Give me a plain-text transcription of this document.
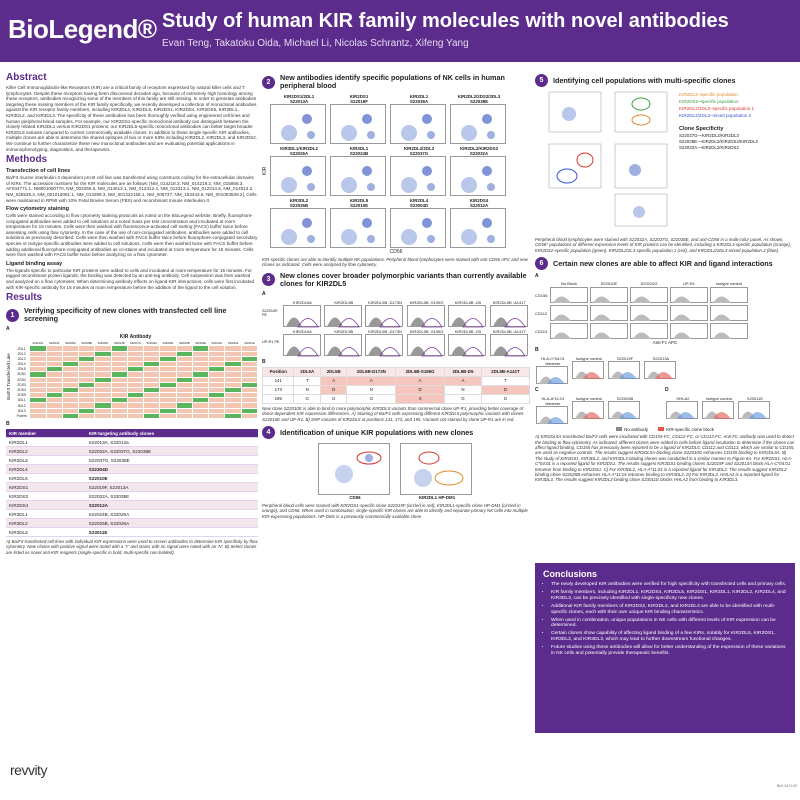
BioLegend® Study of human KIR family molecules with novel antibodies
Evan Teng, Takatoku Oida, Michael Li, Nicolas Schrantz, Xifeng Yang
Abstract
Killer Cell Immunoglobulin-like Receptors (KIR) are a critical family of receptors expressed by natural killer cells and T lymphocytes. Despite these receptors having been discovered decades ago, because of extremely high homology among these receptors, antibodies recognizing some of the members of this family are still missing. In order to generate antibodies targeting these missing members of the KIR family specifically, we recently developed a collection of monoclonal antibodies against the KIR receptor family members, including KIR2DL4, KIR2DL5, KIR2DS1, KIR2DS4, KIR2DS5, KIR3DL1, KIR3DL2, and KIR3DL3. The specificity of these antibodies has been thoroughly verified using engineered cell lines and human peripheral blood samples. For example, our KIR2DS1-specific monoclonal antibody can distinguish between the closely related KIR2DL1 versus KIR2DS1 proteins; our KIR2DL5-specific monoclonal antibodies can better target broader KIR2DL5 variants compared to current commercially available clones. In addition to these single specific KIR antibodies, multiple clones are able to determine the shared epitopes of two or more KIRs including KIR2DL2, KIR2DL3, and KIR2DS2. We continue to further characterize these new monoclonal antibodies and are evaluating potential applications in immunophenotyping, diagnostics, and therapeutics.
Methods
Transfection of cell lines
Ba/F3 murine interleukin-3 dependent pro-B cell line was transfected using constructs coding for the extracellular domains of KIRs. The accession numbers for the KIR molecules are as follows: [NM_014218.3, NM_014219.2, NM_015868.3, AF034771.1, NM001080770, NM_002255.6, NM_014512.1, NM_012312.4, NM_012313.1, NM_012314.6, NM_014513.2, NM_025535.3, NM_001018081.1, NM_013289.3, NM_001322168.1, NM_006737, NM_153443.5, NM_001083539.2]. Cells were maintained in RPMI with 10% Fetal Bovine Serum (FBS) and recombinant mouse interleukin-3.
Flow cytometry staining
Cells were stained according to flow cytometry staining protocols as noted on the BioLegend website. Briefly, fluorophore-conjugated antibodies were added to cell solutions at a noted mass per test concentration and incubated at room temperature for 15 minutes. Cells were then washed with fluorescence-activated cell sorting (FACS) buffer twice before assessing cells using flow cytometry. In the case of the use of non-conjugated antibodies, antibodies were added to cell solutions as previously described. Cells were then washed with FACS buffer twice before fluorophore-conjugated secondary species or isotype specific antibodies were added to cell solutions. Cells were then washed twice with FACS buffer before adding additional fluorophore-conjugated antibodies as co-stains and incubated at room temperature for 15 minutes. Cells were then washed with FACS buffer twice before analyzing on a flow cytometer.
Ligand binding assay
The ligands specific to particular KIR proteins were added to cells and incubated at room temperature for 15 minutes. For tagged recombinant protein ligands, the binding was detected by an anti-tag antibody. Cell suspension was then washed and analyzed on a flow cytometer. When determining antibody effects on ligand-KIR interactions, cells were first incubated with KIR-specific antibody for 15 minutes at room temperature before the addition of the ligand to the cell solution.
Results
1	Verifying specificity of new clones with transfected cell line screening
A
Ba/F3 Transfected Line
KIR Antibody
	S22013A	S22019F	S22039A	S22038E	S22026A	S22024B	S22037G	S22032A	S22030D	S22025B	S22010E	S22012A	S23011E	S22011E
2DL1														
2DL2														
2DL3														
2DL4														
2DL5														
2DS1														
2DS2														
2DS3														
2DS4														
2DS5														
3DL1														
3DL2														
3DL3														
Parent														
B
KIR member	KIR-targeting antibody clones
KIR2DL1	S22013A, S22013a
KIR2DL2	S22032A, S22037G, S22038E
KIR2DL3	S22037G, S22038E
KIR2DL4	S22304D
KIR2DL5	S22010E
KIR2DS1	S22019F, S22013A
KIR2DS2	S22032A, S22038E
KIR2DS4	S22012A
KIR3DL1	S22024B, S22026A
KIR3DL2	S22025B, S22026A
KIR3DL3	S23011E
A) Ba/F3 transfected cell lines with individual KIR expressions were used to screen antibodies to determine KIR specificity by flow cytometry. New clones with positive signal were noted with a 'Y' and stains with no signal were noted with an 'N'. B) Select clones are listed as novel anti-KIR reagents (single-specific in bold, multi-specific non-bolded).
revvity
2	New antibodies identify specific populations of NK cells in human peripheral blood
KIR
KIR2DS1/2DL1
S22013A
KIR2DS1
S22019F
KIR2DL1
S22039A
KIR2DL2/2DS2/2DL3
S22038E
KIR3DL1/KIR3DL2
S22026A
KIR3DL1
S22024B
KIR2DL2/2DL3
S22037G
KIR2DL2/KIR2DS2
S22032A
KIR3DL2
S22025B
KIR2DL5
S22010E
KIR2DL4
S23004D
KIR2DS4
S22012A
CD56
KIR-specific clones are able to identify multiple NK populations. Peripheral blood lymphocytes were stained with anti-CD56 APC and new clones as indicated. Cells were analyzed by flow cytometry.
3	New clones cover broader polymorphic variants than currently available clones for KIR2DL5
A
S22010E PE
KIR2DL5A	KIR2DL5B	KIR2DL5B -D173N	KIR2DL5B -S195G	KIR2DL5B -D5	KIR2DL5B -A141T
UP-R1 PE
KIR2DL5A	KIR2DL5B	KIR2DL5B -D173N	KIR2DL5B -S195G	KIR2DL5B -D5	KIR2DL5B -A141T
B
Position	2DL5A	2DL5B	2DL5B-D173N	2DL5B-S195G	2DL5B-D5	2DL5B-A141T
141	T	A	A	A	A	T
173	N	D	N	D	N	D
195	G	G	G	S	G	G
New clone S22010E is able to bind to more polymorphic KIR2DL5 variants than commercial clone UP-R1, providing better coverage of donor-dependent KIR expression differences. A) Staining of Ba/F3 cells expressing different KIR2DL5 polymorphic variants with clones S22010E and UP-R1. B) SNP variants of KIR2DL5 at positions 141, 173, and 195. Variants not stained by clone UP-R1 are in red.
4	Identification of unique KIR populations with new clones
CD56	KIR2DL1 HP-DM1
Peripheral blood cells were stained with KIR2DS1-specific clone S22019F (circled in red), KIR2DL1-specific clone HP-DM1 (circled in orange), and CD56. When used in combination, single-specific KIR clones are able to identify and separate primary NK cells into multiple KIR-expressing populations. HP-DM1 is a previously commercially available clone.
5	Identifying cell populations with multi-specific clones
KIR2DL2–specific population
KIR2DS2–specific population
KIR2DL2/2DL3–specific population 1
KIR2DL2/2DL3–mixed population 2
Clone Specificity
S22037G—KIR2DL2/KIR2DL3
S22038E—KIR2DL2/KIR2DS2/KIR2DL3
S22032A—KIR2DL2/KIR2DS2
Peripheral blood lymphocytes were stained with S22032A, S22037G, S22038E, and anti-CD56 in a multi-color panel. As shown, CD56* populations of different expression levels of KIR proteins can be identified, including a KIR2DL3-specific population (orange), KIR2DS2-specific population (green), KIR2DL2/2L3-specific population 1 (red), and KIR2DL2/2DL3-mixed population 2 (blue).
6	Certain new clones are able to affect KIR and ligand interactions
A
No Block	S22010E	S22010G	UP-R1	Isotype control
CD155
CD112
CD113
Anti-Fc APC
B
HLA-C*04:01 tetramer
Isotype control	S22019F	S22013A
C
HLA-A*11:01 tetramer
Isotype control	S22025B
D
HHLA2	Isotype control	S23011E
No antibody	KIR-specific clone block
A) KIR2DL5A-transfected Ba/F3 cells were incubated with CD155-FC, CD112-FC, or CD113-FC. Anti-FC antibody was used to detect the binding to flow cytometry. As indicated, different clones were added to cells before ligand incubation to determine if the clones can affect ligand binding. CD155 has previously been reported to be a ligand of KIR2DL5. CD112 and CD113, which are similar to CD155, are used as negative controls. The results suggest KIR2DL5A-binding clone S22010G enhances CD155 binding to KIR2DL5A. B) The study of KIR2DS1, KIR3DL2, and KIR3DL3-binding clones was conducted in a similar manner to Figure 6A. For KIR2DS1, HLA-C*04:01 is a reported ligand for KIR2DS1. The results suggest KIR2DS1-binding clones S22019F and S22013A block HLA-C*04:01 tetramer from binding to KIR2DS1. C) For KIR3DL2, HLA-A*11:01 is a reported ligand for KIR3DL2. The results suggest KIR3DL2-binding clone S22025B enhances HLA-A*11:01 tetramer binding to KIR3DL2. D) For KIR3DL3, HHLA2 is a reported ligand for KIR3DL3. The results suggest KIR3DL3-binding clone S23011E blocks HHLA2 from binding to KIR3DL3.
Conclusions
• The newly developed KIR antibodies were verified for high specificity with transfected cells and primary cells.
• KIR family members, including KIR2DL1, KIR2DS4, KIR2DL5, KIR2DS1, KIR3DL1, KIR3DL2, KIR2DL4, and KIR3DL3, can be precisely identified with single-specificity new clones.
• Additional KIR family members of KIR2DS2, KIR2DL2, and KIR2DL3 are able to be identified with multi-specific clones, each with their own unique KIR binding characteristics.
• When used in combination, unique populations in NK cells with different levels of KIR expression can be determined.
• Certain clones show capability of affecting ligand binding of a few KIRs, notably for KIR2DL5, KIR2DS1, KIR3DL2, and KIR3DL3, which may lead to further downstream functional changes.
• Future studies using these antibodies will allow for better understanding of the expression of these variations in NK cells and potentially provide therapeutic benefits.
BLK-0471-00
